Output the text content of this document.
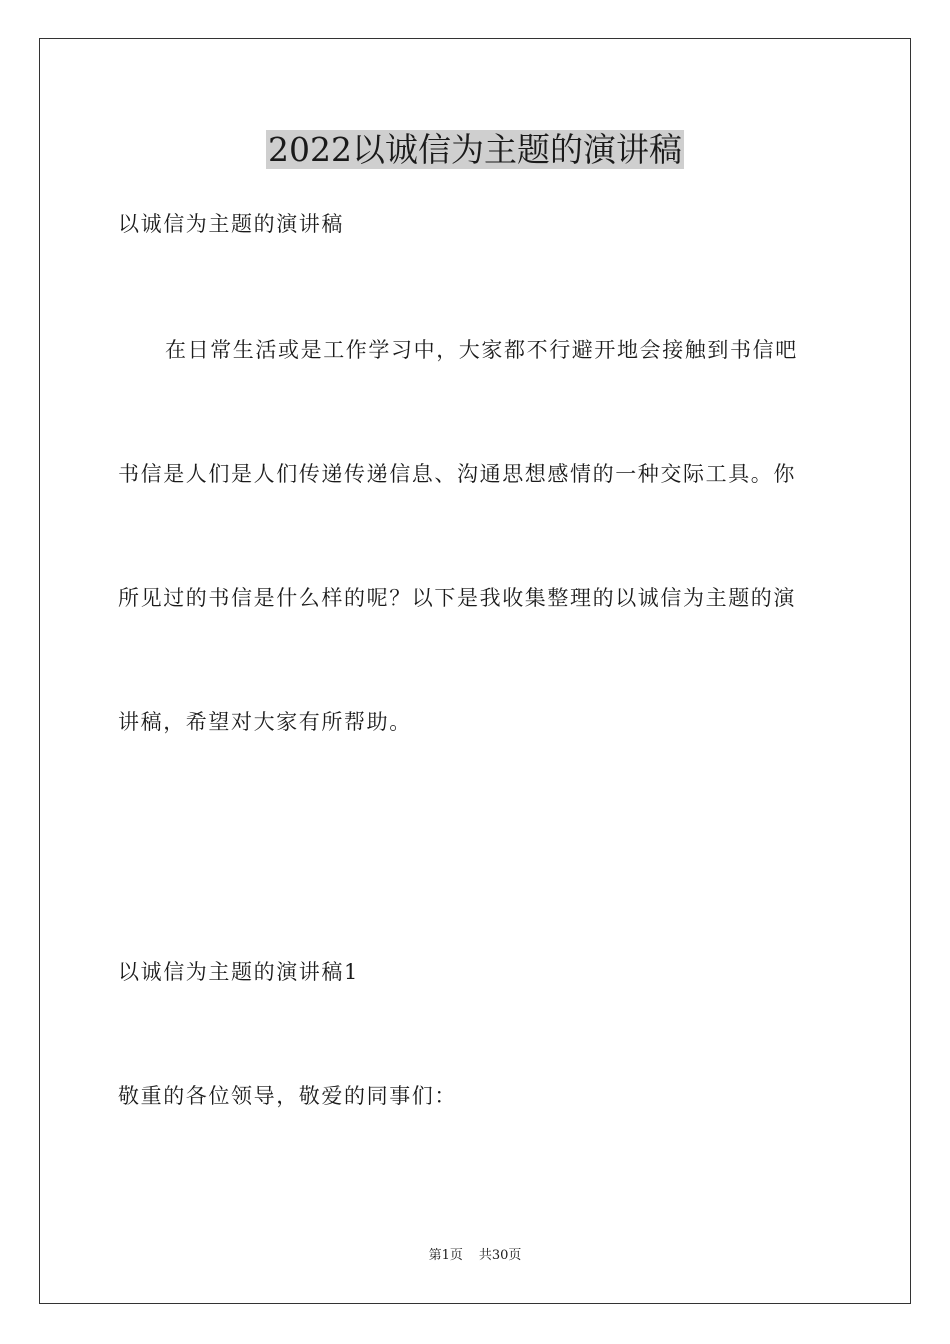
2022以诚信为主题的演讲稿
以诚信为主题的演讲稿
在日常生活或是工作学习中，大家都不行避开地会接触到书信吧
书信是人们是人们传递传递信息、沟通思想感情的一种交际工具。你
所见过的书信是什么样的呢？以下是我收集整理的以诚信为主题的演
讲稿，希望对大家有所帮助。
以诚信为主题的演讲稿1
敬重的各位领导，敬爱的同事们：
第1页 共30页
